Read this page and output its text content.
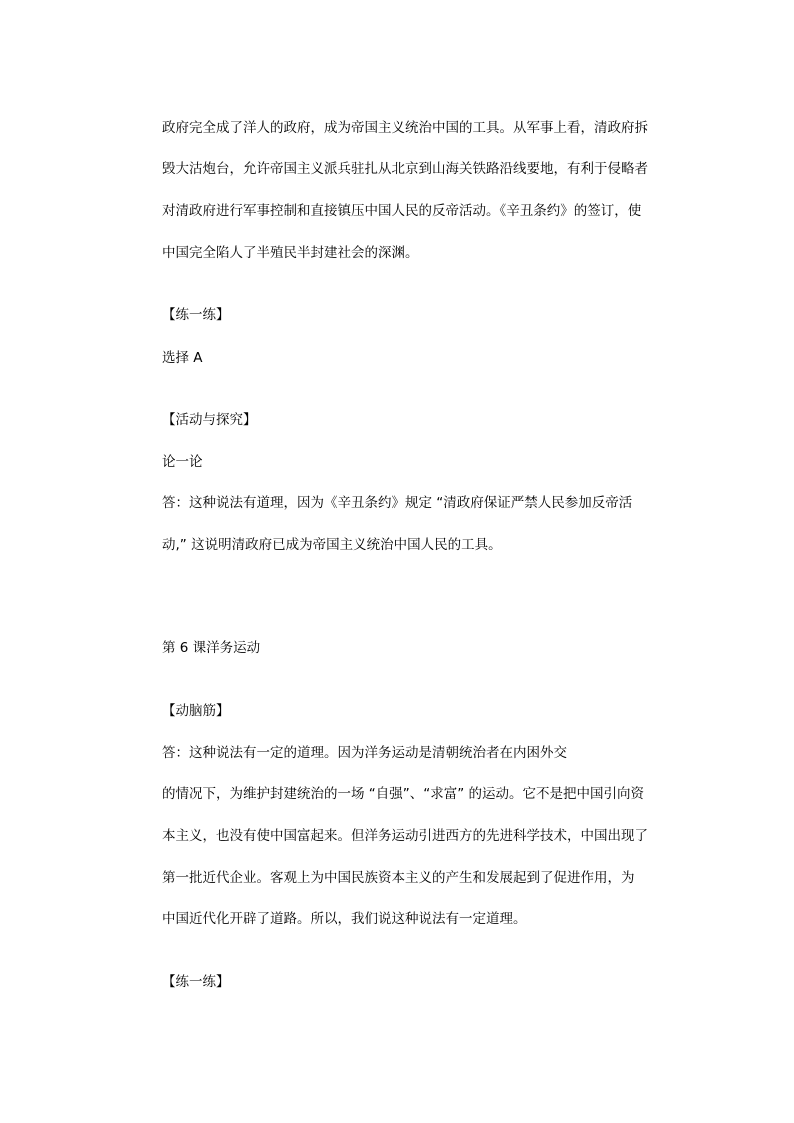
政府完全成了洋人的政府，成为帝国主义统治中国的工具。从军事上看，清政府拆
毁大沽炮台，允许帝国主义派兵驻扎从北京到山海关铁路沿线要地，有利于侵略者
对清政府进行军事控制和直接镇压中国人民的反帝活动。《辛丑条约》的签订，使
中国完全陷人了半殖民半封建社会的深渊。
【练一练】
选择 A
【活动与探究】
论一论
答：这种说法有道理，因为《辛丑条约》规定 “清政府保证严禁人民参加反帝活
动,” 这说明清政府已成为帝国主义统治中国人民的工具。
第 6 课洋务运动
【动脑筋】
答：这种说法有一定的道理。因为洋务运动是清朝统治者在内困外交
的情况下，为维护封建统治的一场 “自强”、“求富” 的运动。它不是把中国引向资
本主义，也没有使中国富起来。但洋务运动引进西方的先进科学技术，中国出现了
第一批近代企业。客观上为中国民族资本主义的产生和发展起到了促进作用，为
中国近代化开辟了道路。所以，我们说这种说法有一定道理。
【练一练】
